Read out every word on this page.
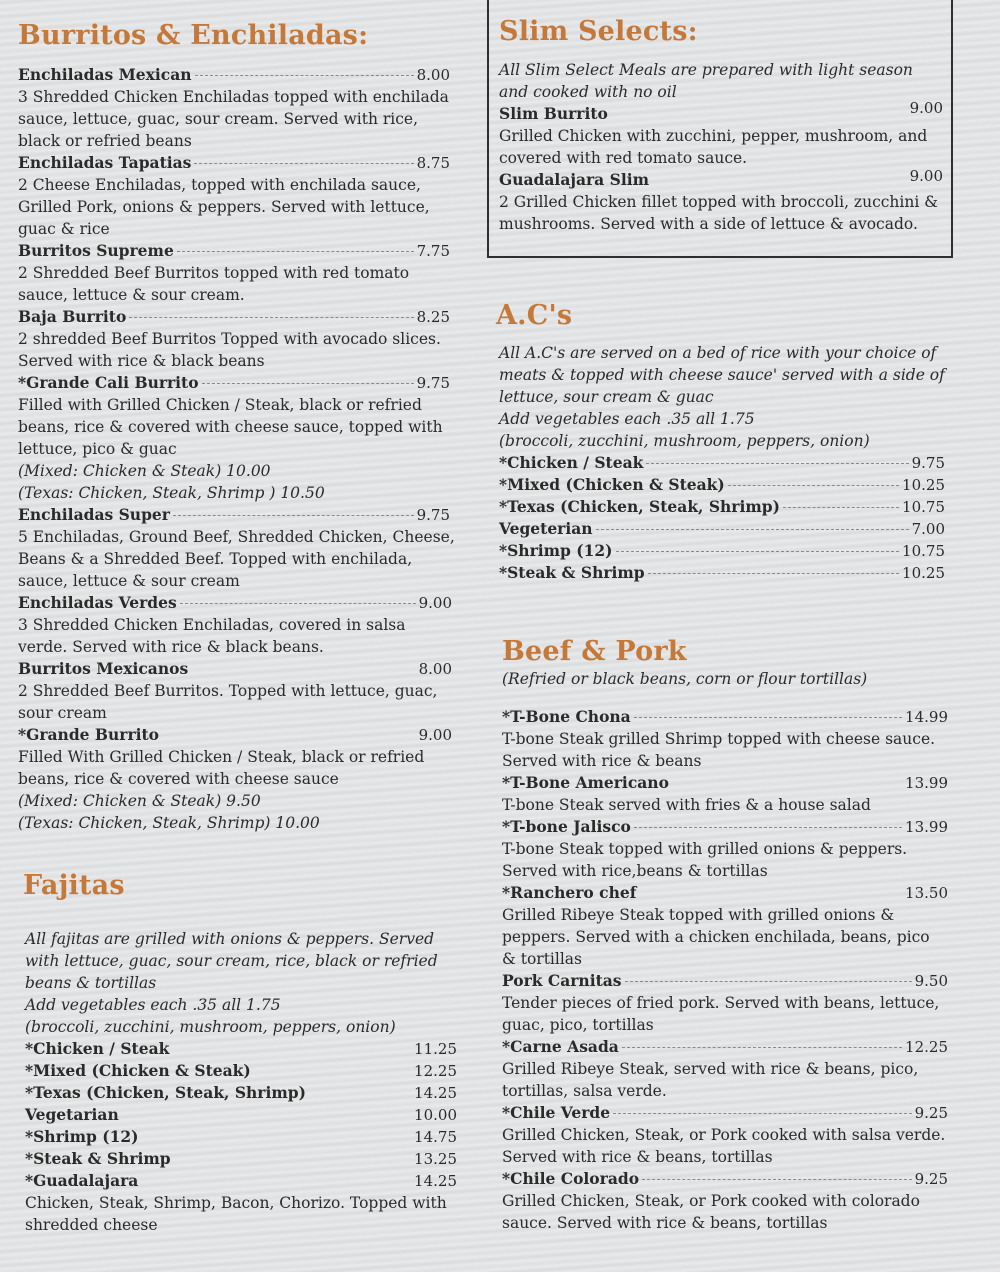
Burritos & Enchiladas:
Enchiladas Mexican	8.00
3 Shredded Chicken Enchiladas topped with enchilada sauce, lettuce, guac, sour cream. Served with rice, black or refried beans
Enchiladas Tapatias	8.75
2 Cheese Enchiladas, topped with enchilada sauce, Grilled Pork, onions & peppers. Served with lettuce, guac & rice
Burritos Supreme	7.75
2 Shredded Beef Burritos topped with red tomato sauce, lettuce & sour cream.
Baja Burrito	8.25
2 shredded Beef Burritos Topped with avocado slices. Served with rice & black beans
*Grande Cali Burrito	9.75
Filled with Grilled Chicken / Steak, black or refried beans, rice & covered with cheese sauce, topped with lettuce, pico & guac
(Mixed: Chicken & Steak) 10.00
(Texas: Chicken, Steak, Shrimp ) 10.50
Enchiladas Super	9.75
5 Enchiladas, Ground Beef, Shredded Chicken, Cheese, Beans & a Shredded Beef. Topped with enchilada, sauce, lettuce & sour cream
Enchiladas Verdes	9.00
3 Shredded Chicken Enchiladas, covered in salsa verde. Served with rice & black beans.
Burritos Mexicanos	8.00
2 Shredded Beef Burritos. Topped with lettuce, guac, sour cream
*Grande Burrito	9.00
Filled With Grilled Chicken / Steak, black or refried beans, rice & covered with cheese sauce
(Mixed: Chicken & Steak) 9.50
(Texas: Chicken, Steak, Shrimp) 10.00
Fajitas
All fajitas are grilled with onions & peppers. Served with lettuce, guac, sour cream, rice, black or refried beans & tortillas
Add vegetables each .35 all 1.75
(broccoli, zucchini, mushroom, peppers, onion)
*Chicken / Steak	11.25
*Mixed (Chicken & Steak)	12.25
*Texas (Chicken, Steak, Shrimp)	14.25
Vegetarian	10.00
*Shrimp (12)	14.75
*Steak & Shrimp	13.25
*Guadalajara	14.25
Chicken, Steak, Shrimp, Bacon, Chorizo. Topped with shredded cheese
Slim Selects:
All Slim Select Meals are prepared with light season and cooked with no oil
Slim Burrito	9.00
Grilled Chicken with zucchini, pepper, mushroom, and covered with red tomato sauce.
Guadalajara Slim	9.00
2 Grilled Chicken fillet topped with broccoli, zucchini & mushrooms. Served with a side of lettuce & avocado.
A.C's
All A.C's are served on a bed of rice with your choice of meats & topped with cheese sauce' served with a side of lettuce, sour cream & guac
Add vegetables each .35 all 1.75
(broccoli, zucchini, mushroom, peppers, onion)
*Chicken / Steak	9.75
*Mixed (Chicken & Steak)	10.25
*Texas (Chicken, Steak, Shrimp)	10.75
Vegeterian	7.00
*Shrimp (12)	10.75
*Steak & Shrimp	10.25
Beef & Pork
(Refried or black beans, corn or flour tortillas)
*T-Bone Chona	14.99
T-bone Steak grilled Shrimp topped with cheese sauce. Served with rice & beans
*T-Bone Americano	13.99
T-bone Steak served with fries & a house salad
*T-bone Jalisco	13.99
T-bone Steak topped with grilled onions & peppers. Served with rice,beans & tortillas
*Ranchero chef	13.50
Grilled Ribeye Steak topped with grilled onions & peppers. Served with a chicken enchilada, beans, pico & tortillas
Pork Carnitas	9.50
Tender pieces of fried pork. Served with beans, lettuce, guac, pico, tortillas
*Carne Asada	12.25
Grilled Ribeye Steak, served with rice & beans, pico, tortillas, salsa verde.
*Chile Verde	9.25
Grilled Chicken, Steak, or Pork cooked with salsa verde. Served with rice & beans, tortillas
*Chile Colorado	9.25
Grilled Chicken, Steak, or Pork cooked with colorado sauce. Served with rice & beans, tortillas
